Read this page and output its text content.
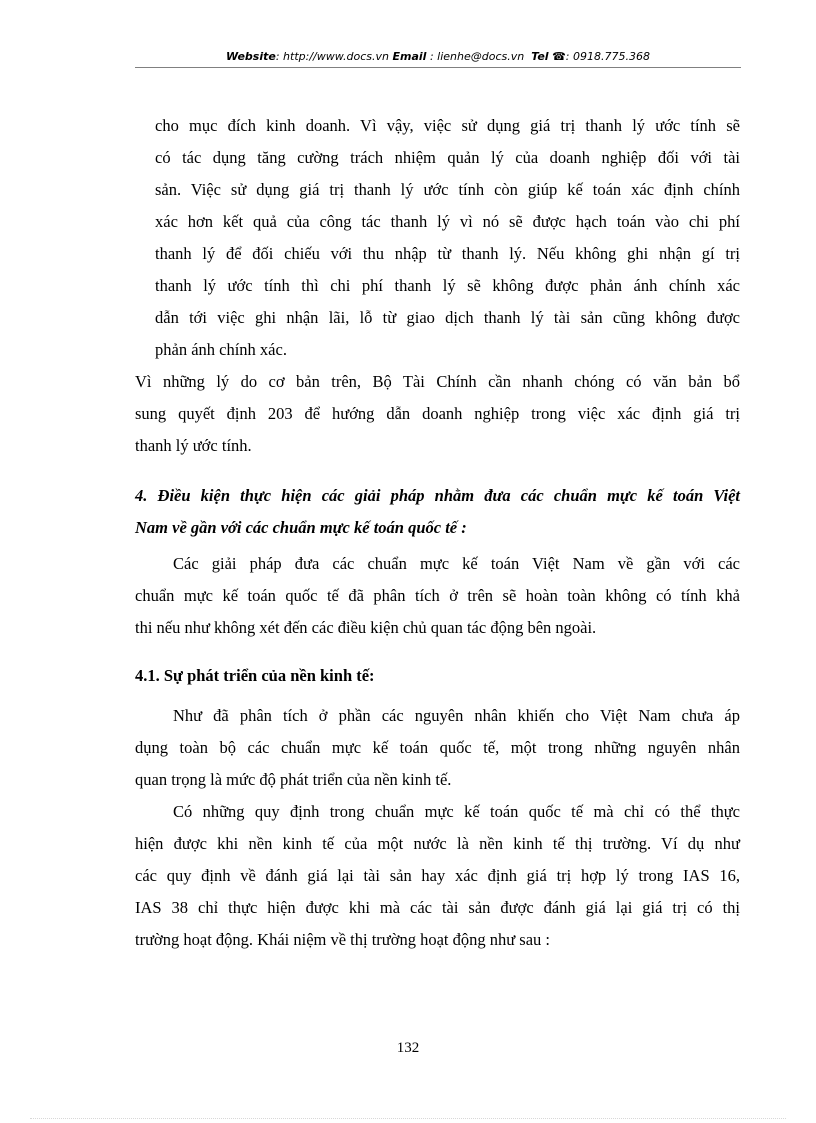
Website: http://www.docs.vn Email : lienhe@docs.vn  Tel ☎: 0918.775.368
cho mục đích kinh doanh. Vì vậy, việc sử dụng giá trị thanh lý ước tính sẽ
có tác dụng tăng cường trách nhiệm quản lý của doanh nghiệp đối với tài
sản. Việc sử dụng giá trị thanh lý ước tính còn giúp kế toán xác định chính
xác hơn kết quả của công tác thanh lý vì nó sẽ được hạch toán vào chi phí
thanh lý để đối chiếu với thu nhập từ thanh lý. Nếu không ghi nhận gí trị
thanh lý ước tính thì chi phí thanh lý sẽ không được phản ánh chính xác
dẫn tới việc ghi nhận lãi, lỗ từ giao dịch thanh lý tài sản cũng không được
phản ánh chính xác.
Vì những lý do cơ bản trên, Bộ Tài Chính cần nhanh chóng có văn bản bổ
sung quyết định 203 để hướng dẫn doanh nghiệp trong việc xác định giá trị
thanh lý ước tính.
4. Điều kiện thực hiện các giải pháp nhằm đưa các chuẩn mực kế toán Việt
Nam về gần với các chuẩn mực kế toán quốc tế :
Các giải pháp đưa các chuẩn mực kế toán Việt Nam về gần với các
chuẩn mực kế toán quốc tế đã phân tích ở trên sẽ hoàn toàn không có tính khả
thi nếu như không xét đến các điều kiện chủ quan tác động bên ngoài.
4.1. Sự phát triển của nền kinh tế:
Như đã phân tích ở phần các nguyên nhân khiến cho Việt Nam chưa áp
dụng toàn bộ các chuẩn mực kế toán quốc tế, một trong những nguyên nhân
quan trọng là mức độ phát triển của nền kinh tế.
Có những quy định trong chuẩn mực kế toán quốc tế mà chỉ có thể thực
hiện được khi nền kinh tế của một nước là nền kinh tế thị trường. Ví dụ như
các quy định về đánh giá lại tài sản hay xác định giá trị hợp lý trong IAS 16,
IAS 38 chỉ thực hiện được khi mà các tài sản được đánh giá lại giá trị có thị
trường hoạt động. Khái niệm về thị trường hoạt động như sau :
132
